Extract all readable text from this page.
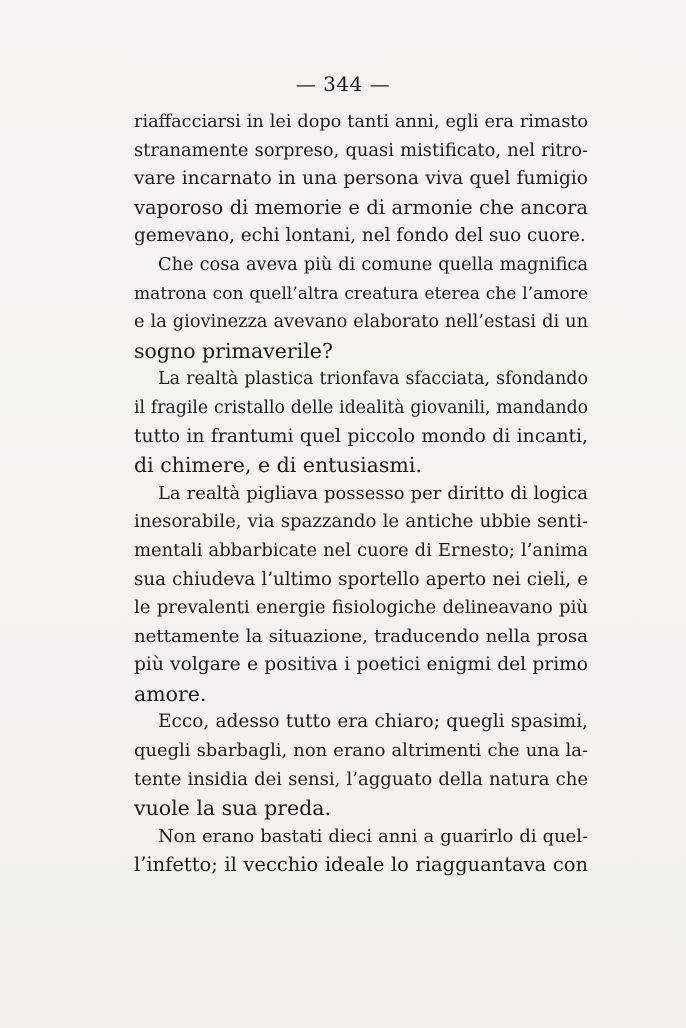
— 344 —
riaffacciarsi in lei dopo tanti anni, egli era rimasto
stranamente sorpreso, quasi mistificato, nel ritro-
vare incarnato in una persona viva quel fumigio
vaporoso di memorie e di armonie che ancora
gemevano, echi lontani, nel fondo del suo cuore.
Che cosa aveva più di comune quella magnifica
matrona con quell’altra creatura eterea che l’amore
e la giovinezza avevano elaborato nell’estasi di un
sogno primaverile?
La realtà plastica trionfava sfacciata, sfondando
il fragile cristallo delle idealità giovanili, mandando
tutto in frantumi quel piccolo mondo di incanti,
di chimere, e di entusiasmi.
La realtà pigliava possesso per diritto di logica
inesorabile, via spazzando le antiche ubbie senti-
mentali abbarbicate nel cuore di Ernesto; l’anima
sua chiudeva l’ultimo sportello aperto nei cieli, e
le prevalenti energie fisiologiche delineavano più
nettamente la situazione, traducendo nella prosa
più volgare e positiva i poetici enigmi del primo
amore.
Ecco, adesso tutto era chiaro; quegli spasimi,
quegli sbarbagli, non erano altrimenti che una la-
tente insidia dei sensi, l’agguato della natura che
vuole la sua preda.
Non erano bastati dieci anni a guarirlo di quel-
l’infetto; il vecchio ideale lo riagguantava con
